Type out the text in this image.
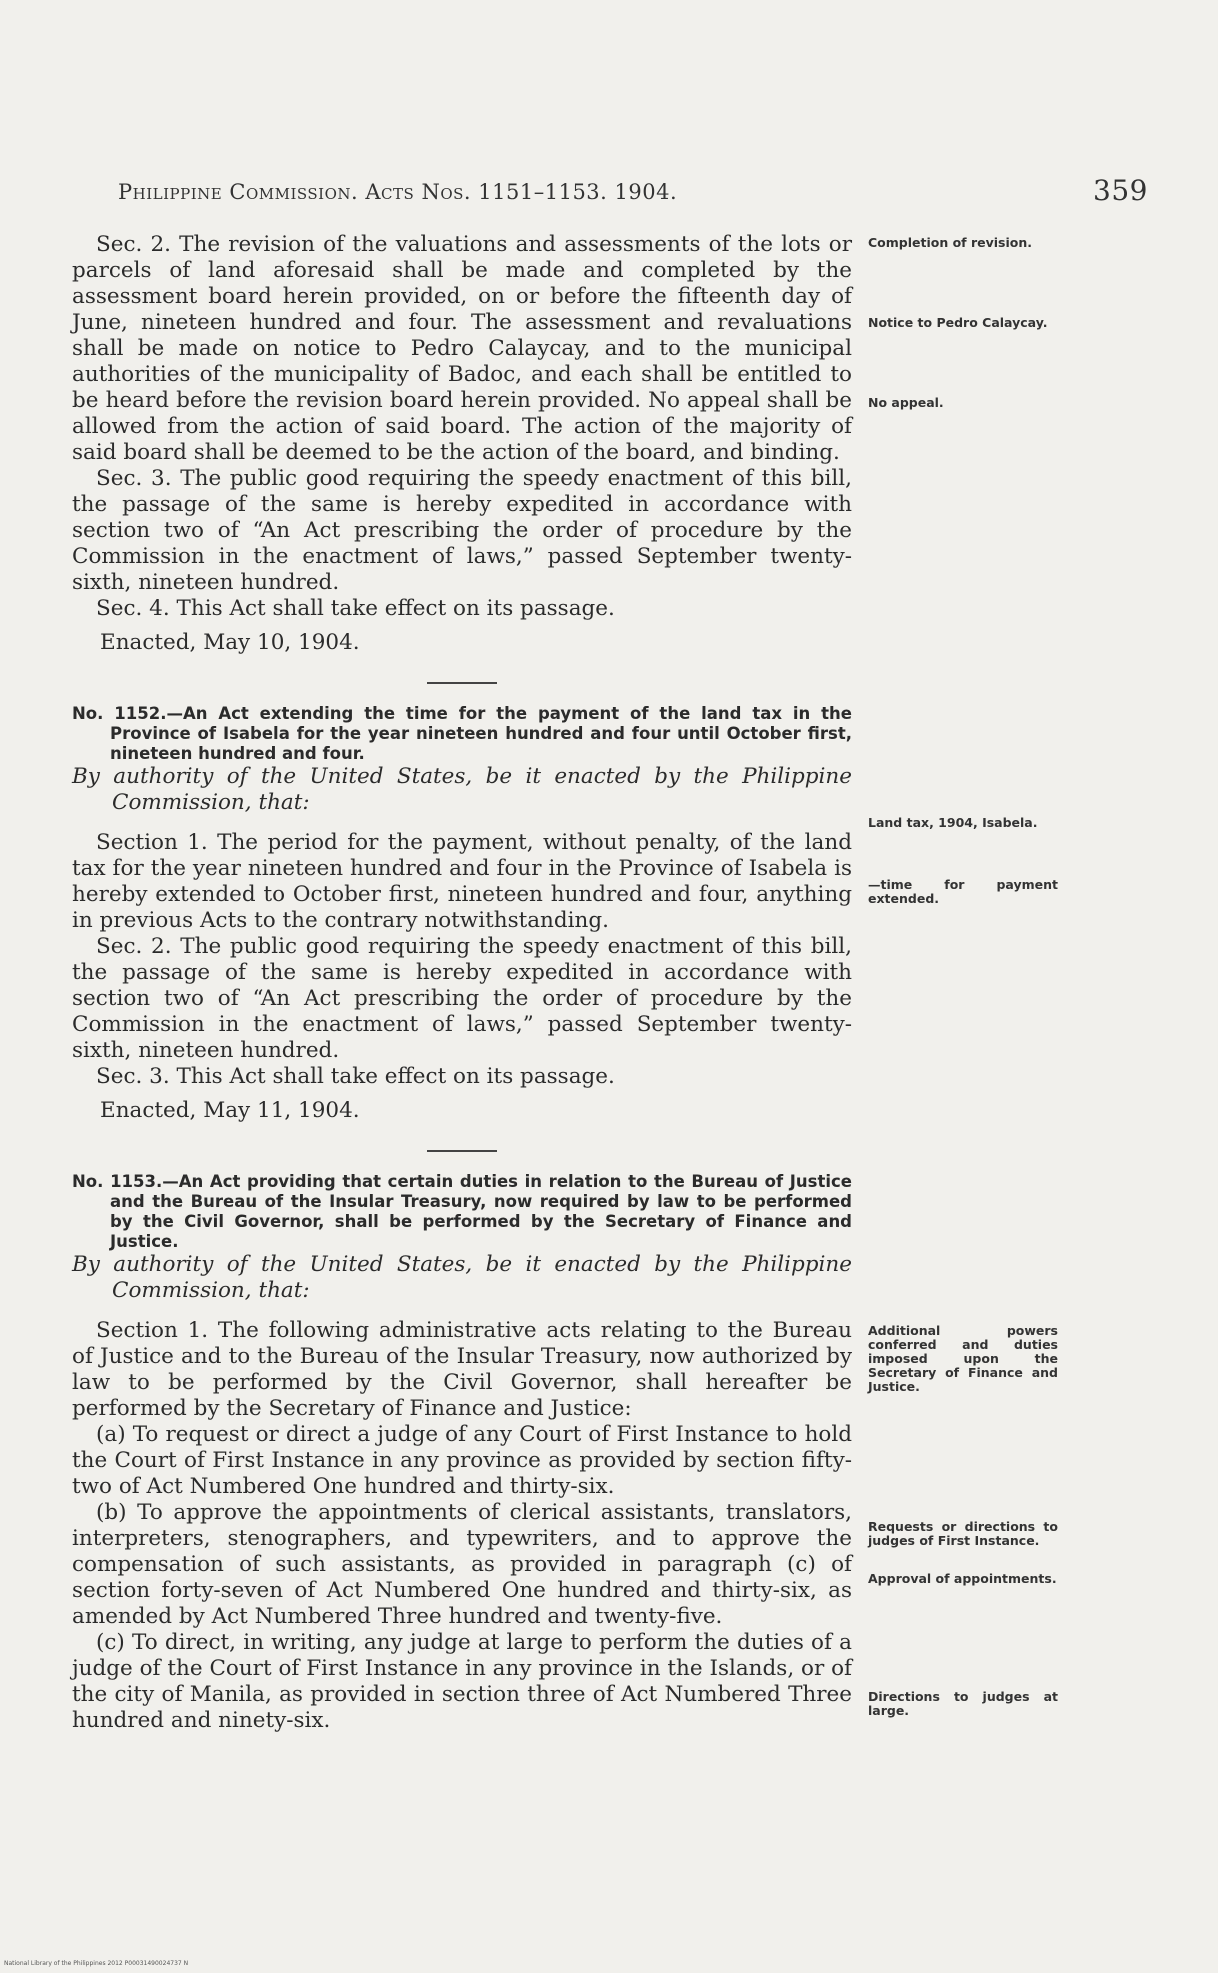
Philippine Commission. Acts Nos. 1151–1153. 1904.	359

Sec. 2. The revision of the valuations and assessments of the lots or parcels of land aforesaid shall be made and completed by the assessment board herein provided, on or before the fifteenth day of June, nineteen hundred and four. The assessment and revaluations shall be made on notice to Pedro Calaycay, and to the municipal authorities of the municipality of Badoc, and each shall be entitled to be heard before the revision board herein provided. No appeal shall be allowed from the action of said board. The action of the majority of said board shall be deemed to be the action of the board, and binding.

Sec. 3. The public good requiring the speedy enactment of this bill, the passage of the same is hereby expedited in accordance with section two of “An Act prescribing the order of procedure by the Commission in the enactment of laws,” passed September twenty-sixth, nineteen hundred.

Sec. 4. This Act shall take effect on its passage.

Enacted, May 10, 1904.

No. 1152.—An Act extending the time for the payment of the land tax in the Province of Isabela for the year nineteen hundred and four until October first, nineteen hundred and four.

By authority of the United States, be it enacted by the Philippine Commission, that:

Section 1. The period for the payment, without penalty, of the land tax for the year nineteen hundred and four in the Province of Isabela is hereby extended to October first, nineteen hundred and four, anything in previous Acts to the contrary notwithstanding.

Sec. 2. The public good requiring the speedy enactment of this bill, the passage of the same is hereby expedited in accordance with section two of “An Act prescribing the order of procedure by the Commission in the enactment of laws,” passed September twenty-sixth, nineteen hundred.

Sec. 3. This Act shall take effect on its passage.

Enacted, May 11, 1904.

No. 1153.—An Act providing that certain duties in relation to the Bureau of Justice and the Bureau of the Insular Treasury, now required by law to be performed by the Civil Governor, shall be performed by the Secretary of Finance and Justice.

By authority of the United States, be it enacted by the Philippine Commission, that:

Section 1. The following administrative acts relating to the Bureau of Justice and to the Bureau of the Insular Treasury, now authorized by law to be performed by the Civil Governor, shall hereafter be performed by the Secretary of Finance and Justice:

(a) To request or direct a judge of any Court of First Instance to hold the Court of First Instance in any province as provided by section fifty-two of Act Numbered One hundred and thirty-six.

(b) To approve the appointments of clerical assistants, translators, interpreters, stenographers, and typewriters, and to approve the compensation of such assistants, as provided in paragraph (c) of section forty-seven of Act Numbered One hundred and thirty-six, as amended by Act Numbered Three hundred and twenty-five.

(c) To direct, in writing, any judge at large to perform the duties of a judge of the Court of First Instance in any province in the Islands, or of the city of Manila, as provided in section three of Act Numbered Three hundred and ninety-six.

Completion of revision.
Notice to Pedro Calaycay.
No appeal.
Land tax, 1904, Isabela.
—time for payment extended.
Additional powers conferred and duties imposed upon the Secretary of Finance and Justice.
Requests or directions to judges of First Instance.
Approval of appointments.
Directions to judges at large.
National Library of the Philippines 2012 P00031490024737 N
